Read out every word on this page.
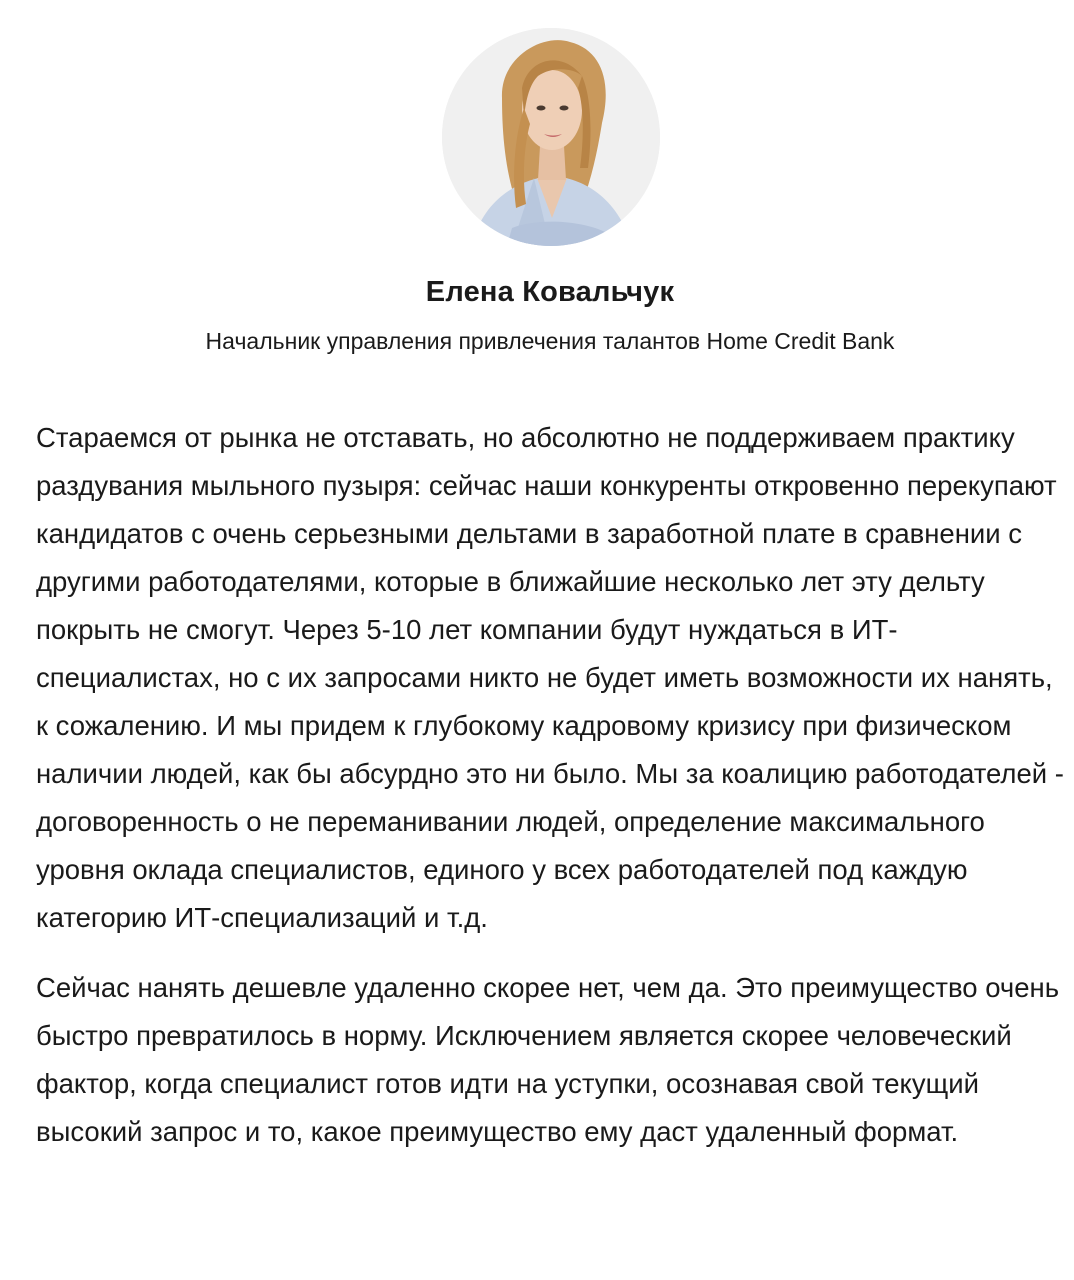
Елена Ковальчук
Начальник управления привлечения талантов Home Credit Bank

Стараемся от рынка не отставать, но абсолютно не поддерживаем практику раздувания мыльного пузыря: сейчас наши конкуренты откровенно перекупают кандидатов с очень серьезными дельтами в заработной плате в сравнении с другими работодателями, которые в ближайшие несколько лет эту дельту покрыть не смогут. Через 5-10 лет компании будут нуждаться в ИТ-специалистах, но с их запросами никто не будет иметь возможности их нанять, к сожалению. И мы придем к глубокому кадровому кризису при физическом наличии людей, как бы абсурдно это ни было. Мы за коалицию работодателей - договоренность о не переманивании людей, определение максимального уровня оклада специалистов, единого у всех работодателей под каждую категорию ИТ-специализаций и т.д.

Сейчас нанять дешевле удаленно скорее нет, чем да. Это преимущество очень быстро превратилось в норму. Исключением является скорее человеческий фактор, когда специалист готов идти на уступки, осознавая свой текущий высокий запрос и то, какое преимущество ему даст удаленный формат.
